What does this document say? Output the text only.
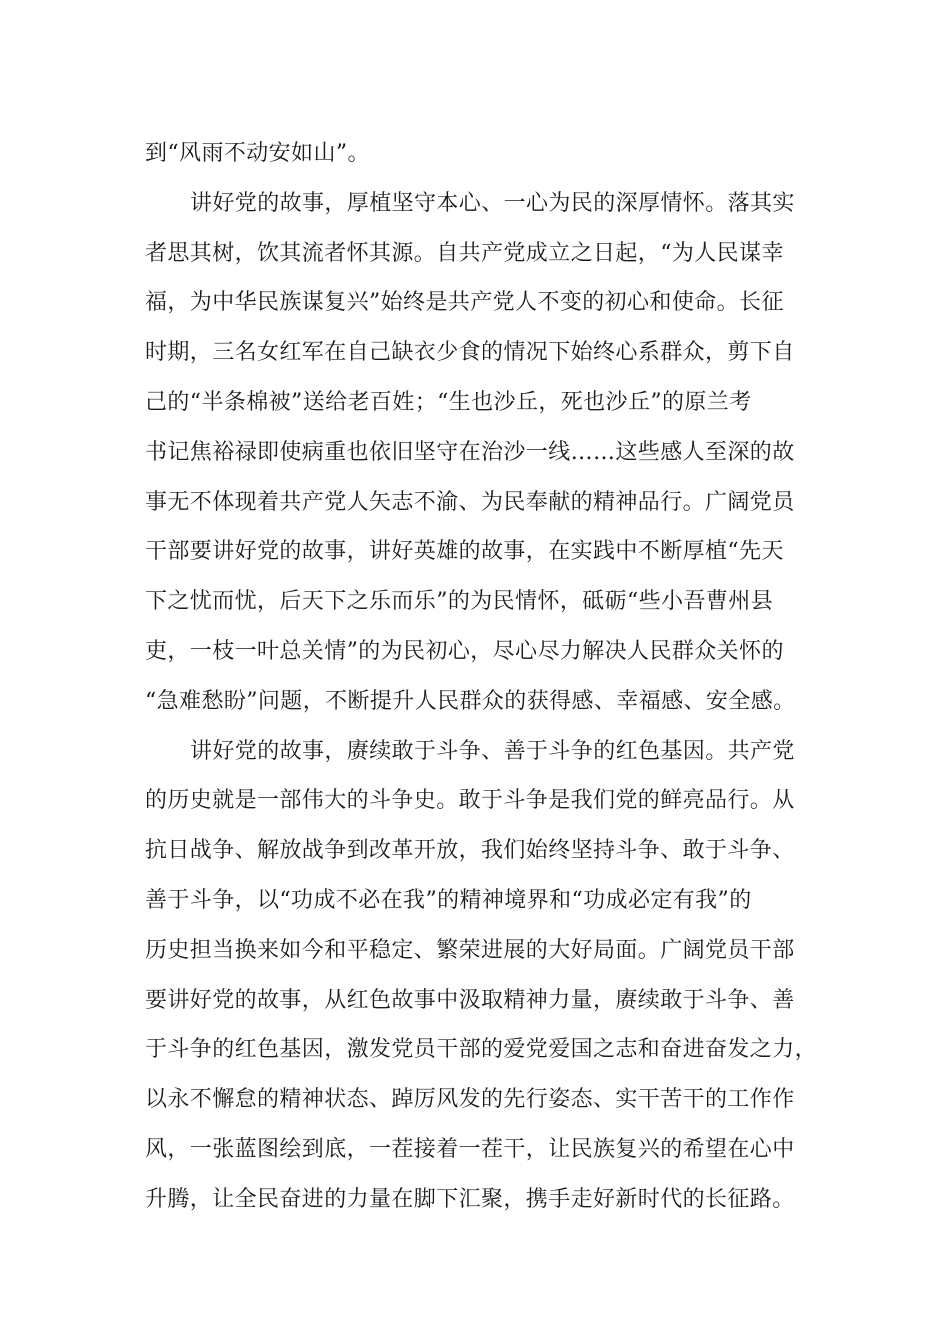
到“风雨不动安如山”。
讲好党的故事，厚植坚守本心、一心为民的深厚情怀。落其实
者思其树，饮其流者怀其源。自共产党成立之日起，“为人民谋幸
福，为中华民族谋复兴”始终是共产党人不变的初心和使命。长征
时期，三名女红军在自己缺衣少食的情况下始终心系群众，剪下自
己的“半条棉被”送给老百姓；“生也沙丘，死也沙丘”的原兰考
书记焦裕禄即使病重也依旧坚守在治沙一线……这些感人至深的故
事无不体现着共产党人矢志不渝、为民奉献的精神品行。广阔党员
干部要讲好党的故事，讲好英雄的故事，在实践中不断厚植“先天
下之忧而忧，后天下之乐而乐”的为民情怀，砥砺“些小吾曹州县
吏，一枝一叶总关情”的为民初心，尽心尽力解决人民群众关怀的
“急难愁盼”问题，不断提升人民群众的获得感、幸福感、安全感。
讲好党的故事，赓续敢于斗争、善于斗争的红色基因。共产党
的历史就是一部伟大的斗争史。敢于斗争是我们党的鲜亮品行。从
抗日战争、解放战争到改革开放，我们始终坚持斗争、敢于斗争、
善于斗争，以“功成不必在我”的精神境界和“功成必定有我”的
历史担当换来如今和平稳定、繁荣进展的大好局面。广阔党员干部
要讲好党的故事，从红色故事中汲取精神力量，赓续敢于斗争、善
于斗争的红色基因，激发党员干部的爱党爱国之志和奋进奋发之力，
以永不懈怠的精神状态、踔厉风发的先行姿态、实干苦干的工作作
风，一张蓝图绘到底，一茬接着一茬干，让民族复兴的希望在心中
升腾，让全民奋进的力量在脚下汇聚，携手走好新时代的长征路。
